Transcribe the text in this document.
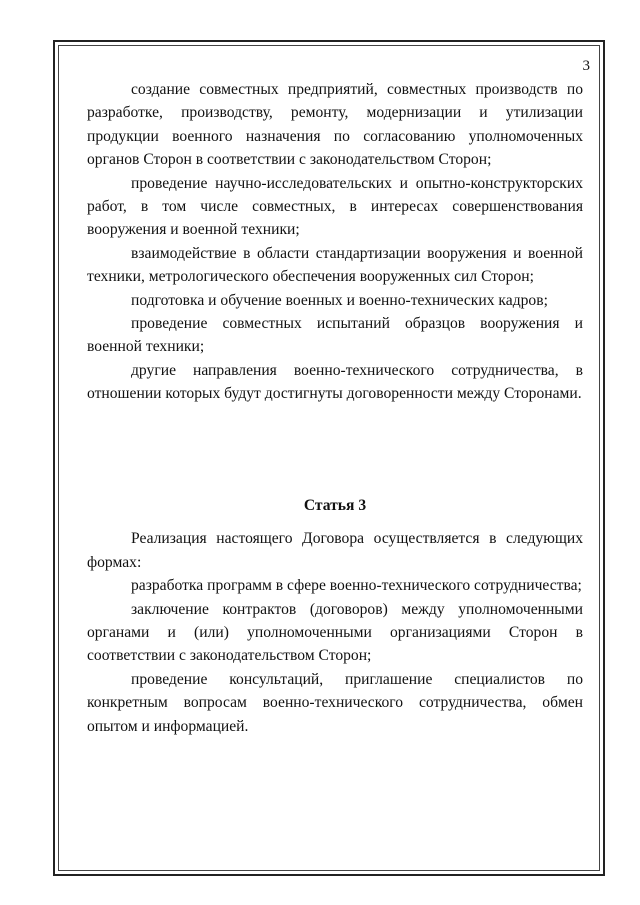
3

создание совместных предприятий, совместных производств по разработке, производству, ремонту, модернизации и утилизации продукции военного назначения по согласованию уполномоченных органов Сторон в соответствии с законодательством Сторон;

проведение научно-исследовательских и опытно-конструкторских работ, в том числе совместных, в интересах совершенствования вооружения и военной техники;

взаимодействие в области стандартизации вооружения и военной техники, метрологического обеспечения вооруженных сил Сторон;

подготовка и обучение военных и военно-технических кадров;

проведение совместных испытаний образцов вооружения и военной техники;

другие направления военно-технического сотрудничества, в отношении которых будут достигнуты договоренности между Сторонами.

Статья 3

Реализация настоящего Договора осуществляется в следующих формах:

разработка программ в сфере военно-технического сотрудничества;

заключение контрактов (договоров) между уполномоченными органами и (или) уполномоченными организациями Сторон в соответствии с законодательством Сторон;

проведение консультаций, приглашение специалистов по конкретным вопросам военно-технического сотрудничества, обмен опытом и информацией.
